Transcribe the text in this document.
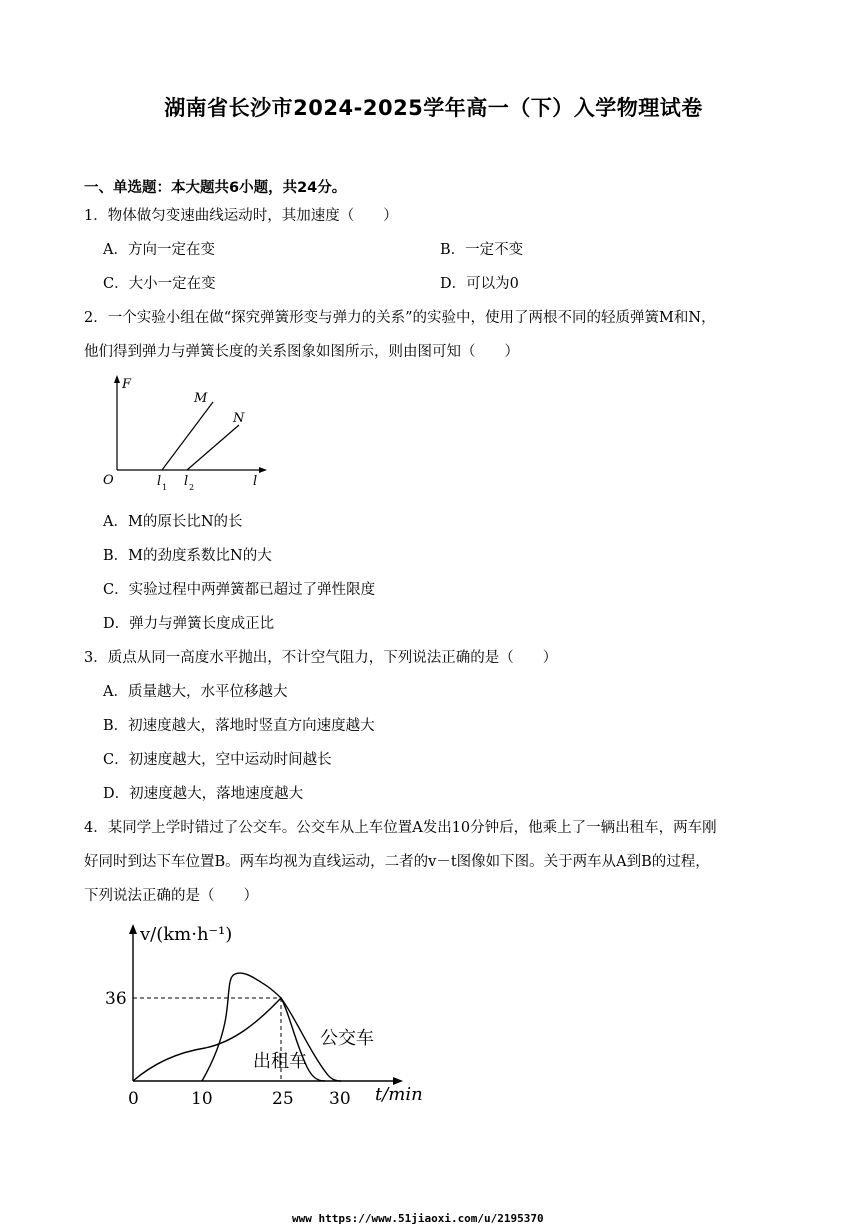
湖南省长沙市2024-2025学年高一（下）入学物理试卷
一、单选题：本大题共6小题，共24分。
1．物体做匀变速曲线运动时，其加速度（　　）
A．方向一定在变	B．一定不变
C．大小一定在变	D．可以为0
2．一个实验小组在做“探究弹簧形变与弹力的关系”的实验中，使用了两根不同的轻质弹簧M和N，
他们得到弹力与弹簧长度的关系图象如图所示，则由图可知（　　）
F
O	l
M
N
l 1 l 2
A．M的原长比N的长
B．M的劲度系数比N的大
C．实验过程中两弹簧都已超过了弹性限度
D．弹力与弹簧长度成正比
3．质点从同一高度水平抛出，不计空气阻力，下列说法正确的是（　　）
A．质量越大，水平位移越大
B．初速度越大，落地时竖直方向速度越大
C．初速度越大，空中运动时间越长
D．初速度越大，落地速度越大
4．某同学上学时错过了公交车。公交车从上车位置A发出10分钟后，他乘上了一辆出租车，两车刚
好同时到达下车位置B。两车均视为直线运动，二者的v－t图像如下图。关于两车从A到B的过程，
下列说法正确的是（　　）
v/(km·h⁻¹)
36
0	10	25 30 t/min
公交车
出租车
www https://www.51jiaoxi.com/u/2195370
